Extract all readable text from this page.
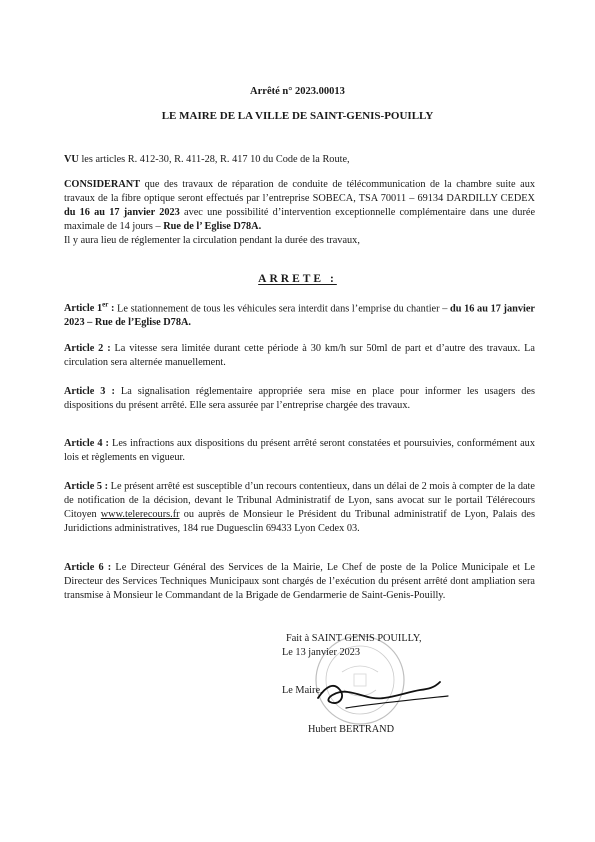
Arrêté n° 2023.00013
LE MAIRE DE LA VILLE DE SAINT-GENIS-POUILLY

VU les articles R. 412-30, R. 411-28, R. 417 10 du Code de la Route,

CONSIDERANT que des travaux de réparation de conduite de télécommunication de la chambre suite aux travaux de la fibre optique seront effectués par l’entreprise SOBECA, TSA 70011 – 69134 DARDILLY CEDEX du 16 au 17 janvier 2023 avec une possibilité d’intervention exceptionnelle complémentaire dans une durée maximale de 14 jours – Rue de l’ Eglise D78A.
Il y aura lieu de réglementer la circulation pendant la durée des travaux,

ARRETE :

Article 1er : Le stationnement de tous les véhicules sera interdit dans l’emprise du chantier – du 16 au 17 janvier 2023 – Rue de l’Eglise D78A.

Article 2 : La vitesse sera limitée durant cette période à 30 km/h sur 50ml de part et d’autre des travaux. La circulation sera alternée manuellement.

Article 3 : La signalisation réglementaire appropriée sera mise en place pour informer les usagers des dispositions du présent arrêté. Elle sera assurée par l’entreprise chargée des travaux.

Article 4 : Les infractions aux dispositions du présent arrêté seront constatées et poursuivies, conformément aux lois et règlements en vigueur.

Article 5 : Le présent arrêté est susceptible d’un recours contentieux, dans un délai de 2 mois à compter de la date de notification de la décision, devant le Tribunal Administratif de Lyon, sans avocat sur le portail Télérecours Citoyen www.telerecours.fr ou auprès de Monsieur le Président du Tribunal administratif de Lyon, Palais des Juridictions administratives, 184 rue Duguesclin 69433 Lyon Cedex 03.

Article 6 : Le Directeur Général des Services de la Mairie, Le Chef de poste de la Police Municipale et Le Directeur des Services Techniques Municipaux sont chargés de l’exécution du présent arrêté dont ampliation sera transmise à Monsieur le Commandant de la Brigade de Gendarmerie de Saint-Genis-Pouilly.

Fait à SAINT GENIS POUILLY,
Le 13 janvier 2023
Le Maire,
Hubert BERTRAND
